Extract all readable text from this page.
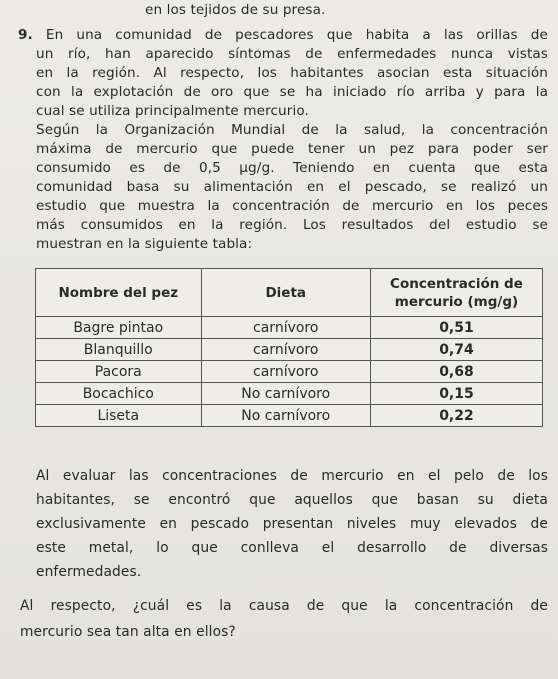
en los tejidos de su presa.
9. En una comunidad de pescadores que habita a las orillas de
un río, han aparecido síntomas de enfermedades nunca vistas
en la región. Al respecto, los habitantes asocian esta situación
con la explotación de oro que se ha iniciado río arriba y para la
cual se utiliza principalmente mercurio.
Según la Organización Mundial de la salud, la concentración
máxima de mercurio que puede tener un pez para poder ser
consumido es de 0,5 µg/g. Teniendo en cuenta que esta
comunidad basa su alimentación en el pescado, se realizó un
estudio que muestra la concentración de mercurio en los peces
más consumidos en la región. Los resultados del estudio se
muestran en la siguiente tabla:
Nombre del pez	Dieta	Concentración de
mercurio (mg/g)

Bagre pintao	carnívoro	0,51
Blanquillo	carnívoro	0,74
Pacora	carnívoro	0,68
Bocachico	No carnívoro	0,15
Liseta	No carnívoro	0,22
Al evaluar las concentraciones de mercurio en el pelo de los
habitantes, se encontró que aquellos que basan su dieta
exclusivamente en pescado presentan niveles muy elevados de
este metal, lo que conlleva el desarrollo de diversas
enfermedades.
Al respecto, ¿cuál es la causa de que la concentración de
mercurio sea tan alta en ellos?
